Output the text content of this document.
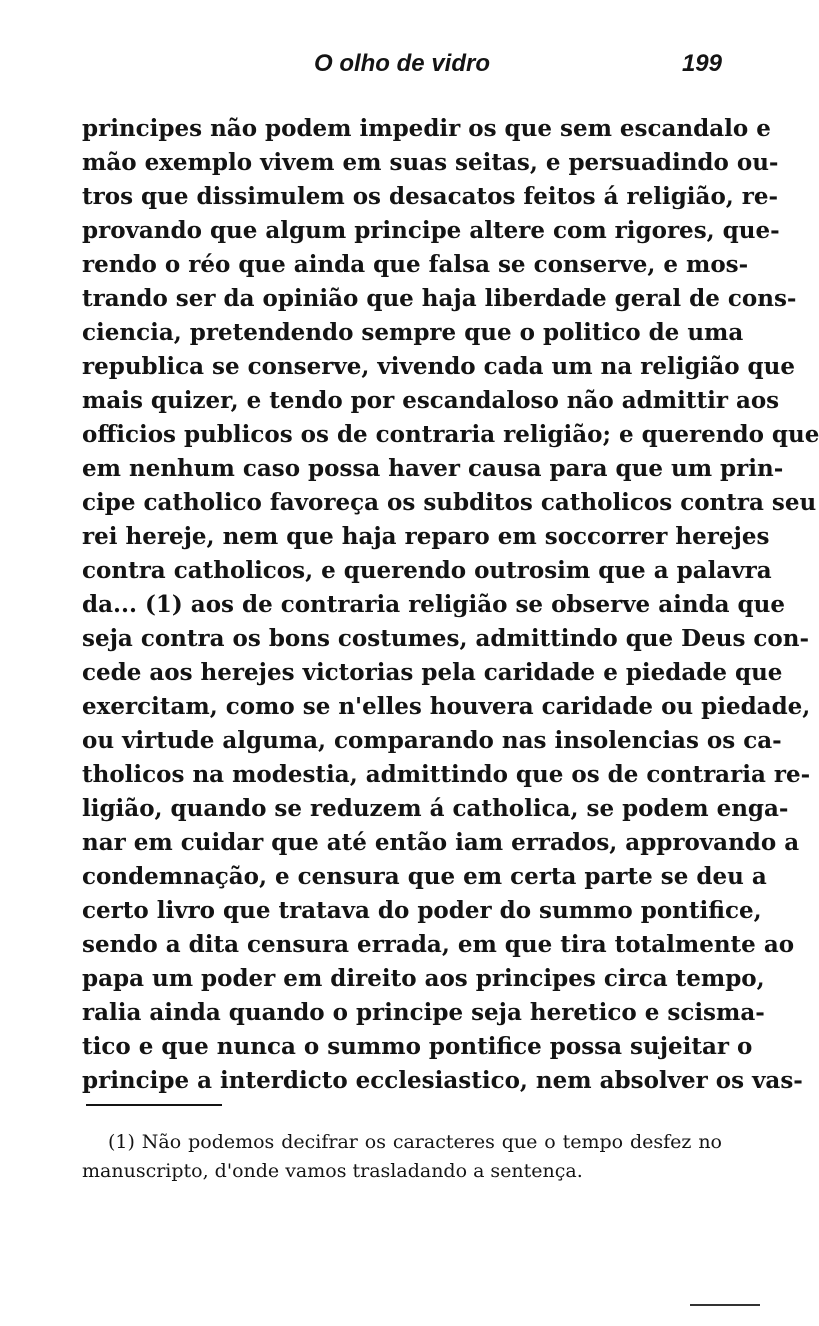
O olho de vidro	199
principes não podem impedir os que sem escandalo e
mão exemplo vivem em suas seitas, e persuadindo ou-
tros que dissimulem os desacatos feitos á religião, re-
provando que algum principe altere com rigores, que-
rendo o réo que ainda que falsa se conserve, e mos-
trando ser da opinião que haja liberdade geral de cons-
ciencia, pretendendo sempre que o politico de uma
republica se conserve, vivendo cada um na religião que
mais quizer, e tendo por escandaloso não admittir aos
officios publicos os de contraria religião; e querendo que
em nenhum caso possa haver causa para que um prin-
cipe catholico favoreça os subditos catholicos contra seu
rei hereje, nem que haja reparo em soccorrer herejes
contra catholicos, e querendo outrosim que a palavra
da... (1) aos de contraria religião se observe ainda que
seja contra os bons costumes, admittindo que Deus con-
cede aos herejes victorias pela caridade e piedade que
exercitam, como se n'elles houvera caridade ou piedade,
ou virtude alguma, comparando nas insolencias os ca-
tholicos na modestia, admittindo que os de contraria re-
ligião, quando se reduzem á catholica, se podem enga-
nar em cuidar que até então iam errados, approvando a
condemnação, e censura que em certa parte se deu a
certo livro que tratava do poder do summo pontifice,
sendo a dita censura errada, em que tira totalmente ao
papa um poder em direito aos principes circa tempo,
ralia ainda quando o principe seja heretico e scisma-
tico e que nunca o summo pontifice possa sujeitar o
principe a interdicto ecclesiastico, nem absolver os vas-
(1) Não podemos decifrar os caracteres que o tempo desfez no
manuscripto, d'onde vamos trasladando a sentença.
